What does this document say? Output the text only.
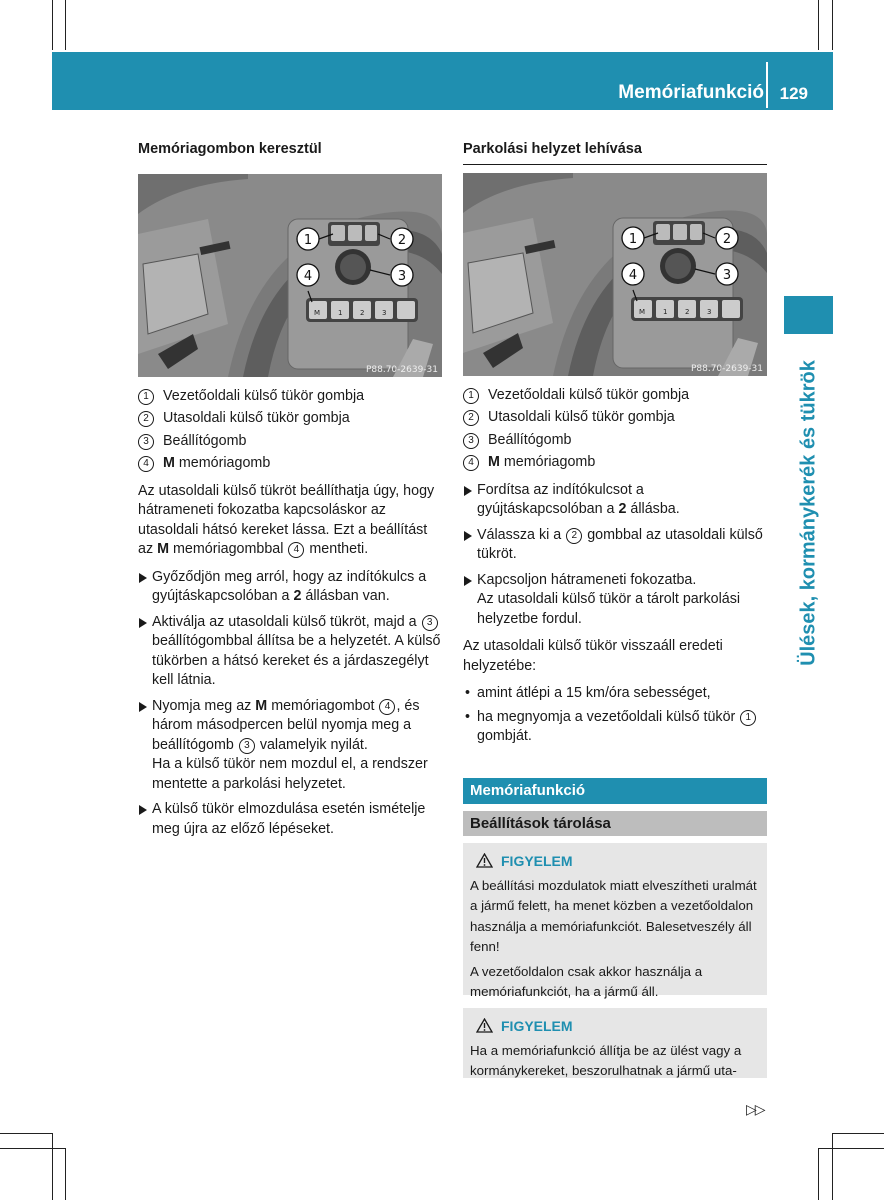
Memóriafunkció 129
Ülések, kormánykerék és tükrök
Memóriagombon keresztül
M	1	2	3
1	2
3
4
P88.70-2639-31
1 Vezetőoldali külső tükör gombja
2 Utasoldali külső tükör gombja
3 Beállítógomb
4 M memóriagomb

Az utasoldali külső tükröt beállíthatja úgy, hogy hátrameneti fokozatba kapcsoláskor az utasoldali hátsó kereket lássa. Ezt a beállítást az M memóriagombbal 4 mentheti.

Győződjön meg arról, hogy az indítókulcs a gyújtáskapcsolóban a 2 állásban van.
Aktiválja az utasoldali külső tükröt, majd a 3 beállítógombbal állítsa be a helyzetét. A külső tükörben a hátsó kereket és a járdaszegélyt kell látnia.
Nyomja meg az M memóriagombot 4 , és három másodpercen belül nyomja meg a beállítógomb 3 valamelyik nyilát.
Ha a külső tükör nem mozdul el, a rendszer mentette a parkolási helyzetet.
A külső tükör elmozdulása esetén ismételje meg újra az előző lépéseket.
Parkolási helyzet lehívása
M	1	2	3
1	2
3
4
P88.70-2639-31
1 Vezetőoldali külső tükör gombja
2 Utasoldali külső tükör gombja
3 Beállítógomb
4 M memóriagomb
Fordítsa az indítókulcsot a gyújtáskapcsolóban a 2 állásba.
Válassza ki a 2 gombbal az utasoldali külső tükröt.
Kapcsoljon hátrameneti fokozatba.
Az utasoldali külső tükör a tárolt parkolási helyzetbe fordul.

Az utasoldali külső tükör visszaáll eredeti helyzetébe:

• amint átlépi a 15 km/óra sebességet,
• ha megnyomja a vezetőoldali külső tükör 1 gombját.
Memóriafunkció
Beállítások tárolása
FIGYELEM

A beállítási mozdulatok miatt elveszítheti uralmát a jármű felett, ha menet közben a vezetőoldalon használja a memóriafunkciót. Balesetveszély áll fenn!

A vezetőoldalon csak akkor használja a memóriafunkciót, ha a jármű áll.

FIGYELEM

Ha a memóriafunkció állítja be az ülést vagy a kormánykereket, beszorulhatnak a jármű uta-

▷▷
